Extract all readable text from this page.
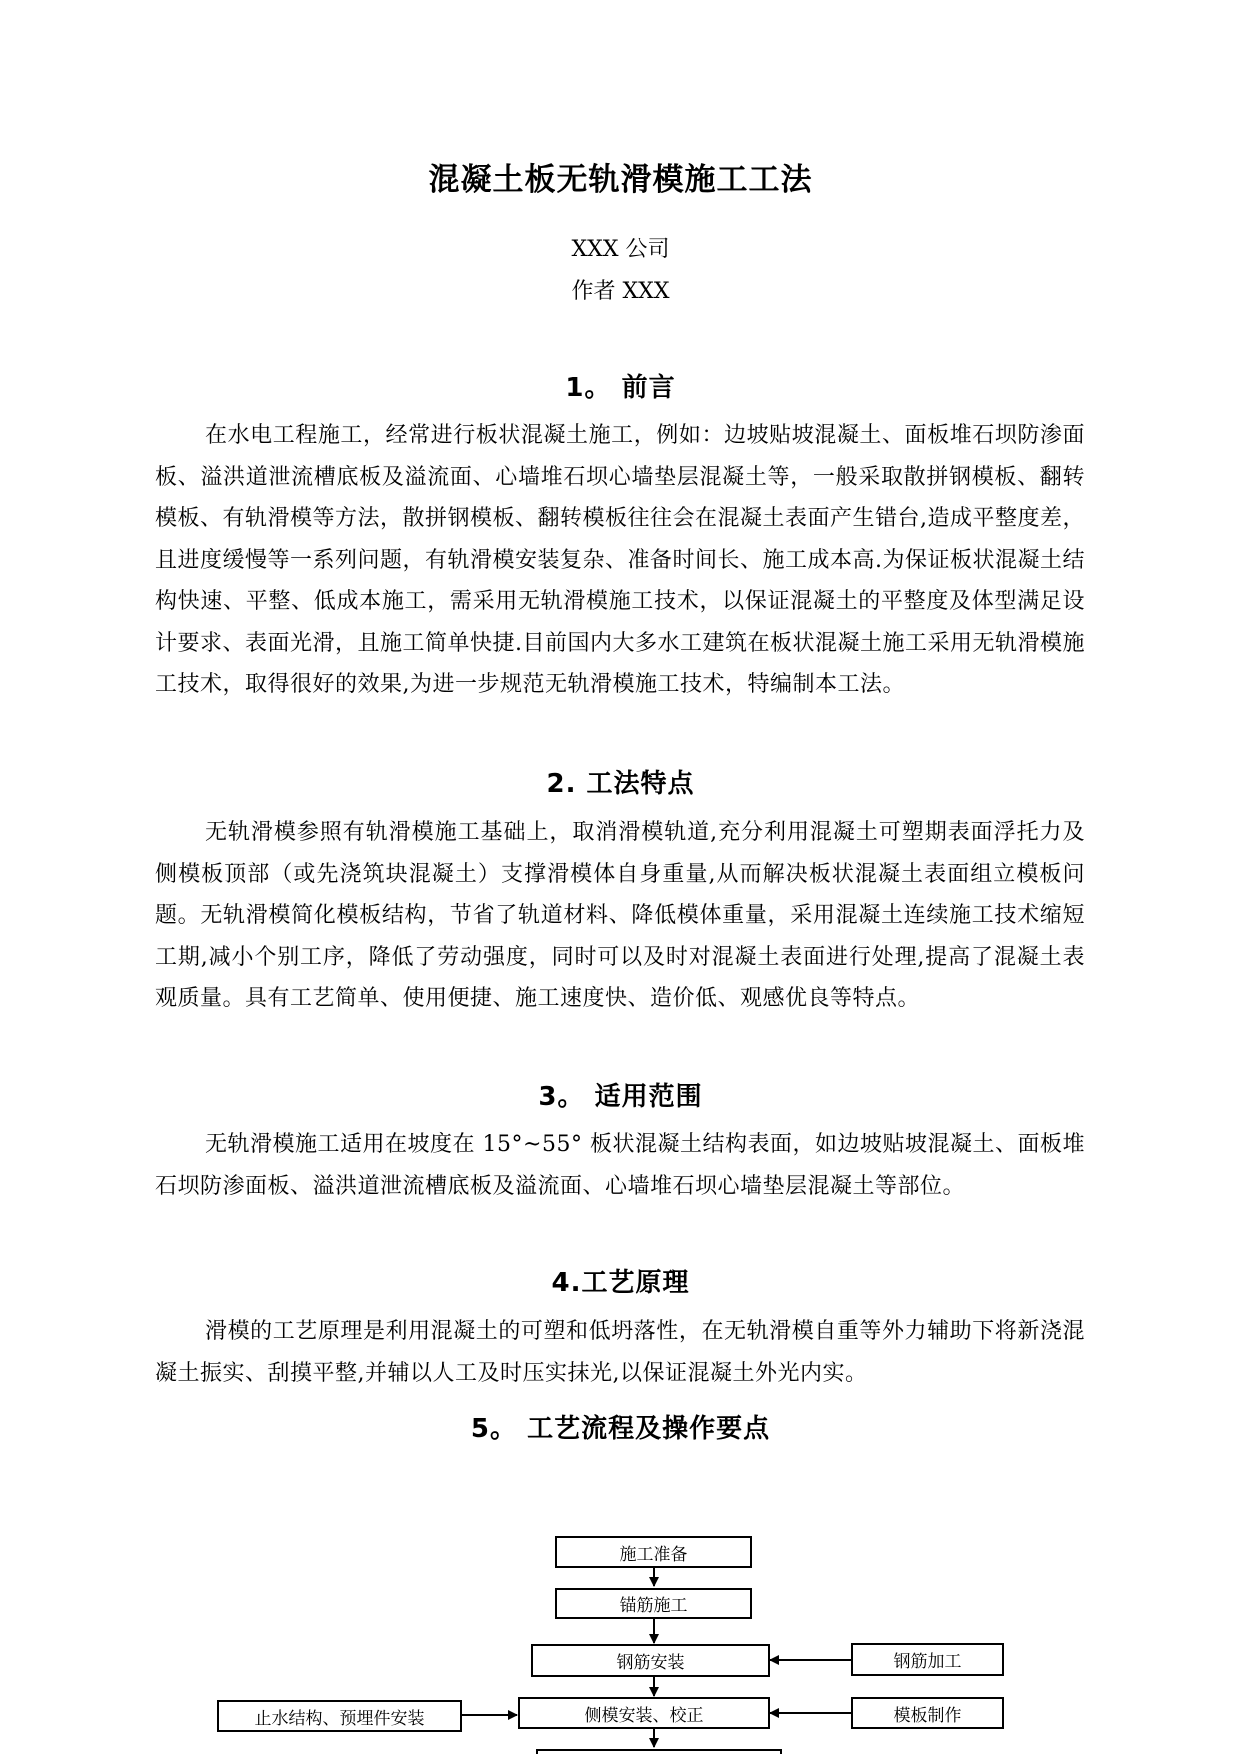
混凝土板无轨滑模施工工法
XXX 公司
作者 XXX
1。 前言
在水电工程施工，经常进行板状混凝土施工，例如：边坡贴坡混凝土、面板堆石坝防渗面板、溢洪道泄流槽底板及溢流面、心墙堆石坝心墙垫层混凝土等，一般采取散拼钢模板、翻转模板、有轨滑模等方法，散拼钢模板、翻转模板往往会在混凝土表面产生错台,造成平整度差，且进度缓慢等一系列问题，有轨滑模安装复杂、准备时间长、施工成本高.为保证板状混凝土结构快速、平整、低成本施工，需采用无轨滑模施工技术，以保证混凝土的平整度及体型满足设计要求、表面光滑，且施工简单快捷.目前国内大多水工建筑在板状混凝土施工采用无轨滑模施工技术，取得很好的效果,为进一步规范无轨滑模施工技术，特编制本工法。
2. 工法特点
无轨滑模参照有轨滑模施工基础上，取消滑模轨道,充分利用混凝土可塑期表面浮托力及侧模板顶部（或先浇筑块混凝土）支撑滑模体自身重量,从而解决板状混凝土表面组立模板问题。无轨滑模简化模板结构，节省了轨道材料、降低模体重量，采用混凝土连续施工技术缩短工期,减小个别工序，降低了劳动强度，同时可以及时对混凝土表面进行处理,提高了混凝土表观质量。具有工艺简单、使用便捷、施工速度快、造价低、观感优良等特点。
3。 适用范围
无轨滑模施工适用在坡度在 15°~55° 板状混凝土结构表面，如边坡贴坡混凝土、面板堆石坝防渗面板、溢洪道泄流槽底板及溢流面、心墙堆石坝心墙垫层混凝土等部位。
4.工艺原理
滑模的工艺原理是利用混凝土的可塑和低坍落性，在无轨滑模自重等外力辅助下将新浇混凝土振实、刮摸平整,并辅以人工及时压实抹光,以保证混凝土外光内实。
5。 工艺流程及操作要点
施工准备
锚筋施工
钢筋安装	钢筋加工
侧模安装、校正
止水结构、预埋件安装	模板制作
